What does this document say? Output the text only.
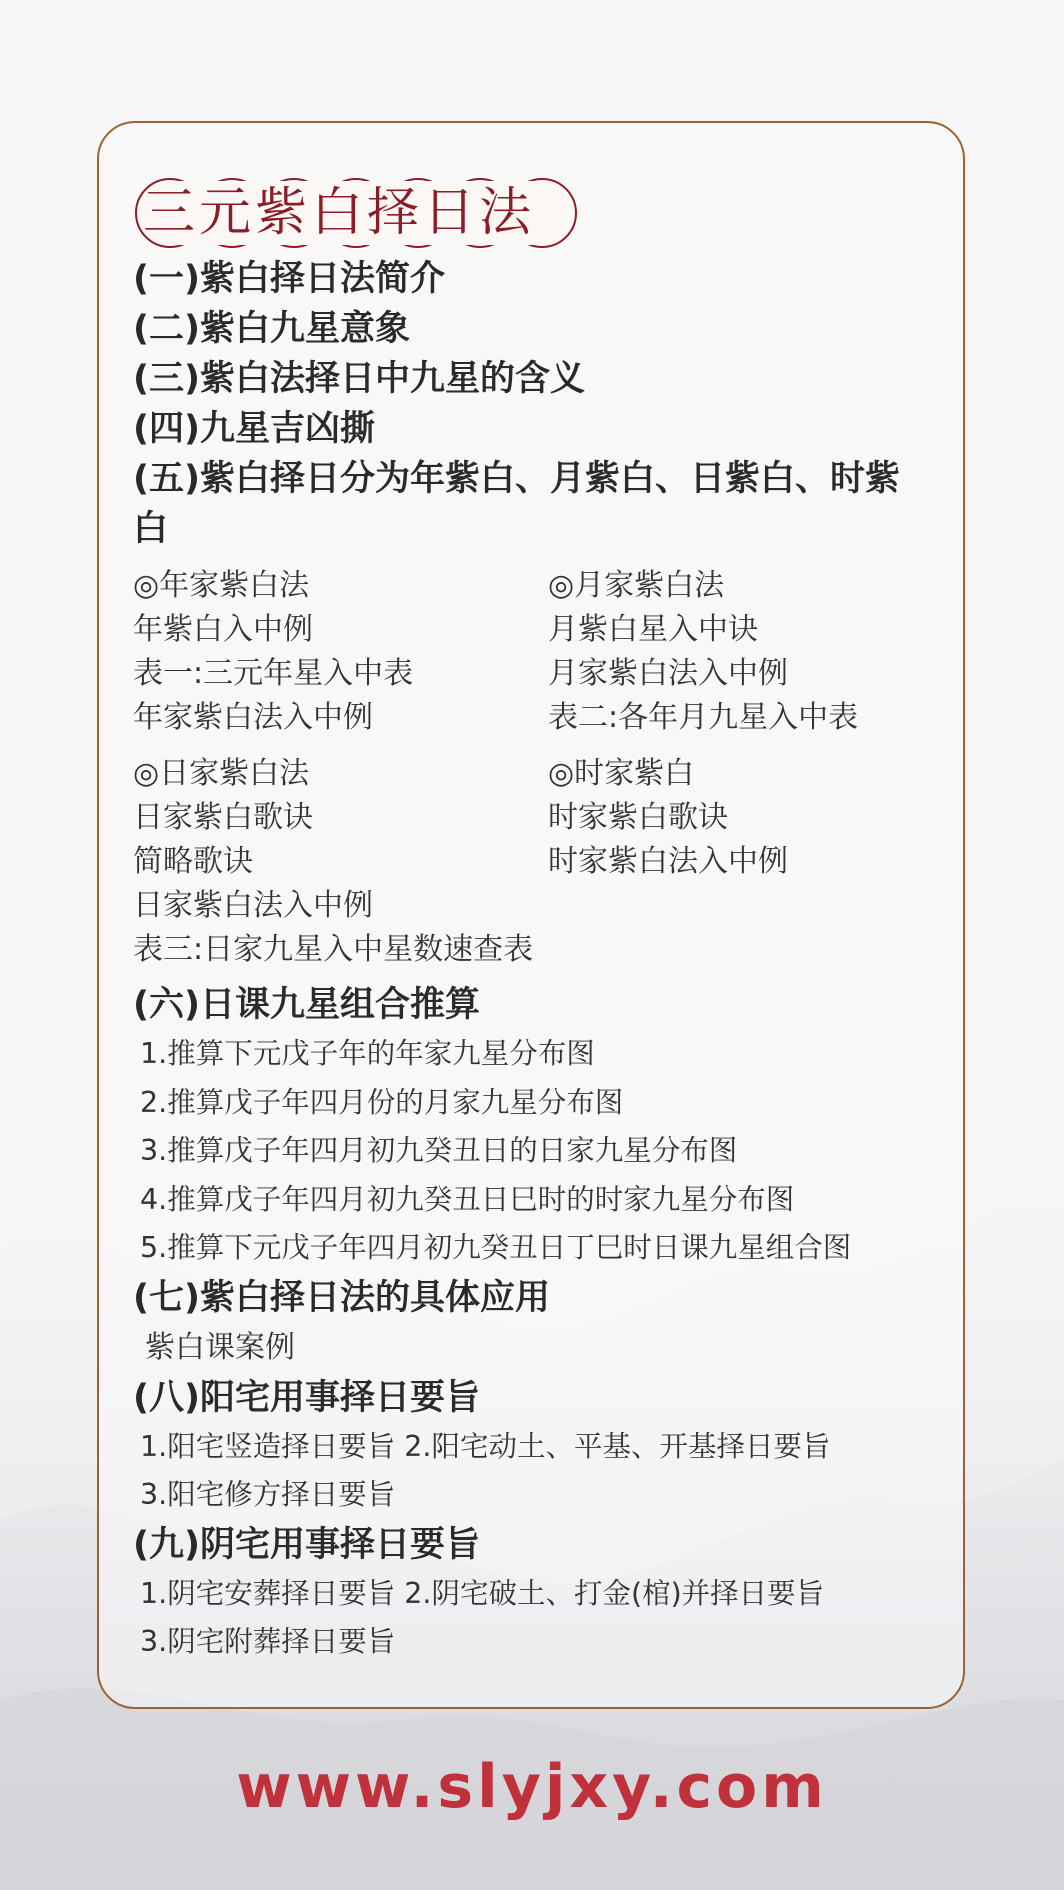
三元紫白择日法
(一)紫白择日法简介
(二)紫白九星意象
(三)紫白法择日中九星的含义
(四)九星吉凶撕
(五)紫白择日分为年紫白、月紫白、日紫白、时紫白
◎年家紫白法
年紫白入中例
表一:三元年星入中表
年家紫白法入中例
◎月家紫白法
月紫白星入中诀
月家紫白法入中例
表二:各年月九星入中表
◎日家紫白法
日家紫白歌诀
简略歌诀
日家紫白法入中例
表三:日家九星入中星数速查表
◎时家紫白
时家紫白歌诀
时家紫白法入中例
(六)日课九星组合推算
1.推算下元戊子年的年家九星分布图
2.推算戊子年四月份的月家九星分布图
3.推算戊子年四月初九癸丑日的日家九星分布图
4.推算戊子年四月初九癸丑日巳时的时家九星分布图
5.推算下元戊子年四月初九癸丑日丁巳时日课九星组合图
(七)紫白择日法的具体应用
紫白课案例
(八)阳宅用事择日要旨
1.阳宅竖造择日要旨 2.阳宅动土、平基、开基择日要旨
3.阳宅修方择日要旨
(九)阴宅用事择日要旨
1.阴宅安葬择日要旨 2.阴宅破土、打金(棺)并择日要旨
3.阴宅附葬择日要旨
www.slyjxy.com
